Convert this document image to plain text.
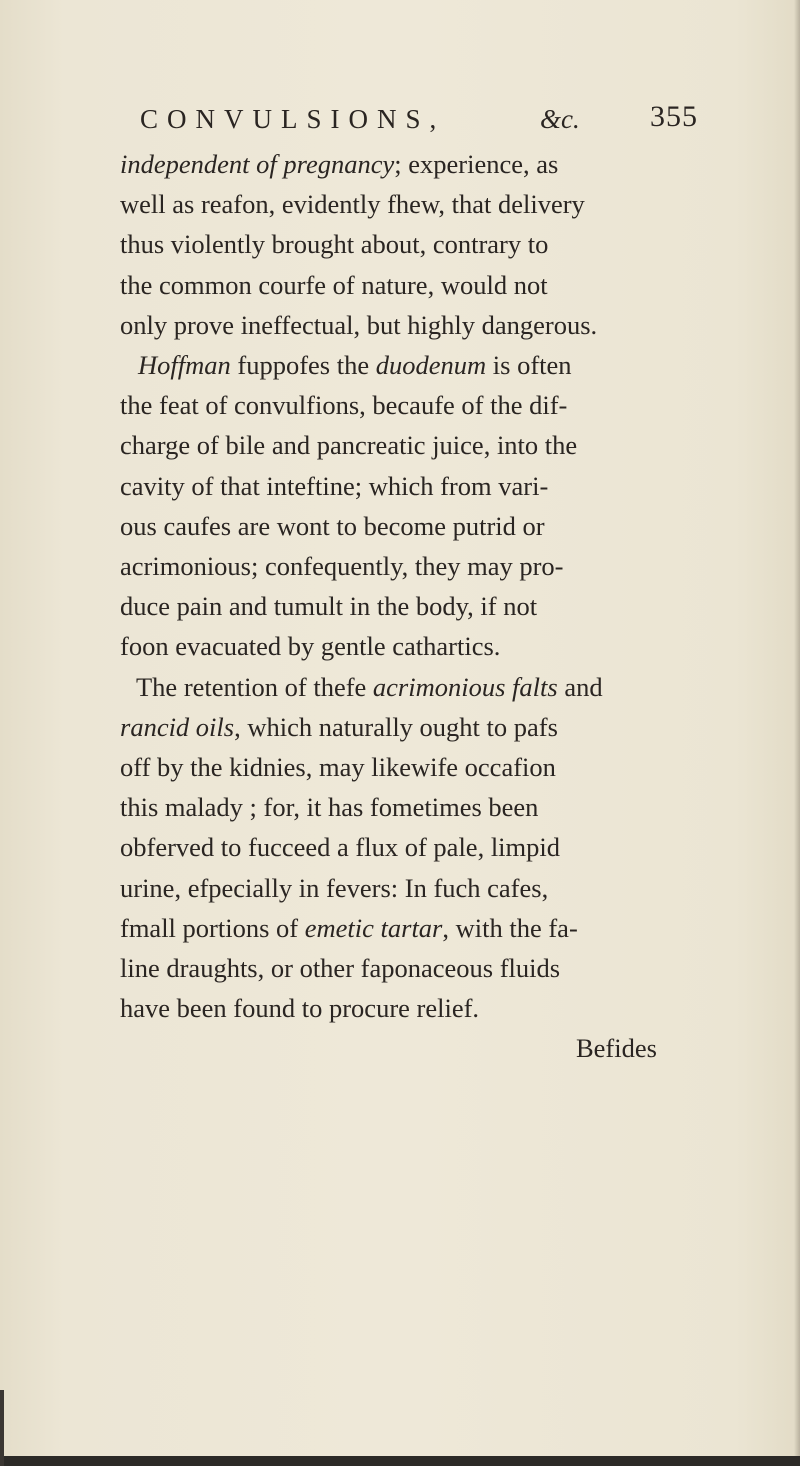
CONVULSIONS,	&c. 355
independent of pregnancy; experience, as
well as reafon, evidently fhew, that delivery
thus violently brought about, contrary to
the common courfe of nature, would not
only prove ineffectual, but highly dangerous.
Hoffman fuppofes the duodenum is often
the feat of convulfions, becaufe of the dif-
charge of bile and pancreatic juice, into the
cavity of that inteftine; which from vari-
ous caufes are wont to become putrid or
acrimonious; confequently, they may pro-
duce pain and tumult in the body, if not
foon evacuated by gentle cathartics.
The retention of thefe acrimonious falts and
rancid oils, which naturally ought to pafs
off by the kidnies, may likewife occafion
this malady ; for, it has fometimes been
obferved to fucceed a flux of pale, limpid
urine, efpecially in fevers: In fuch cafes,
fmall portions of emetic tartar, with the fa-
line draughts, or other faponaceous fluids
have been found to procure relief.
Befides
